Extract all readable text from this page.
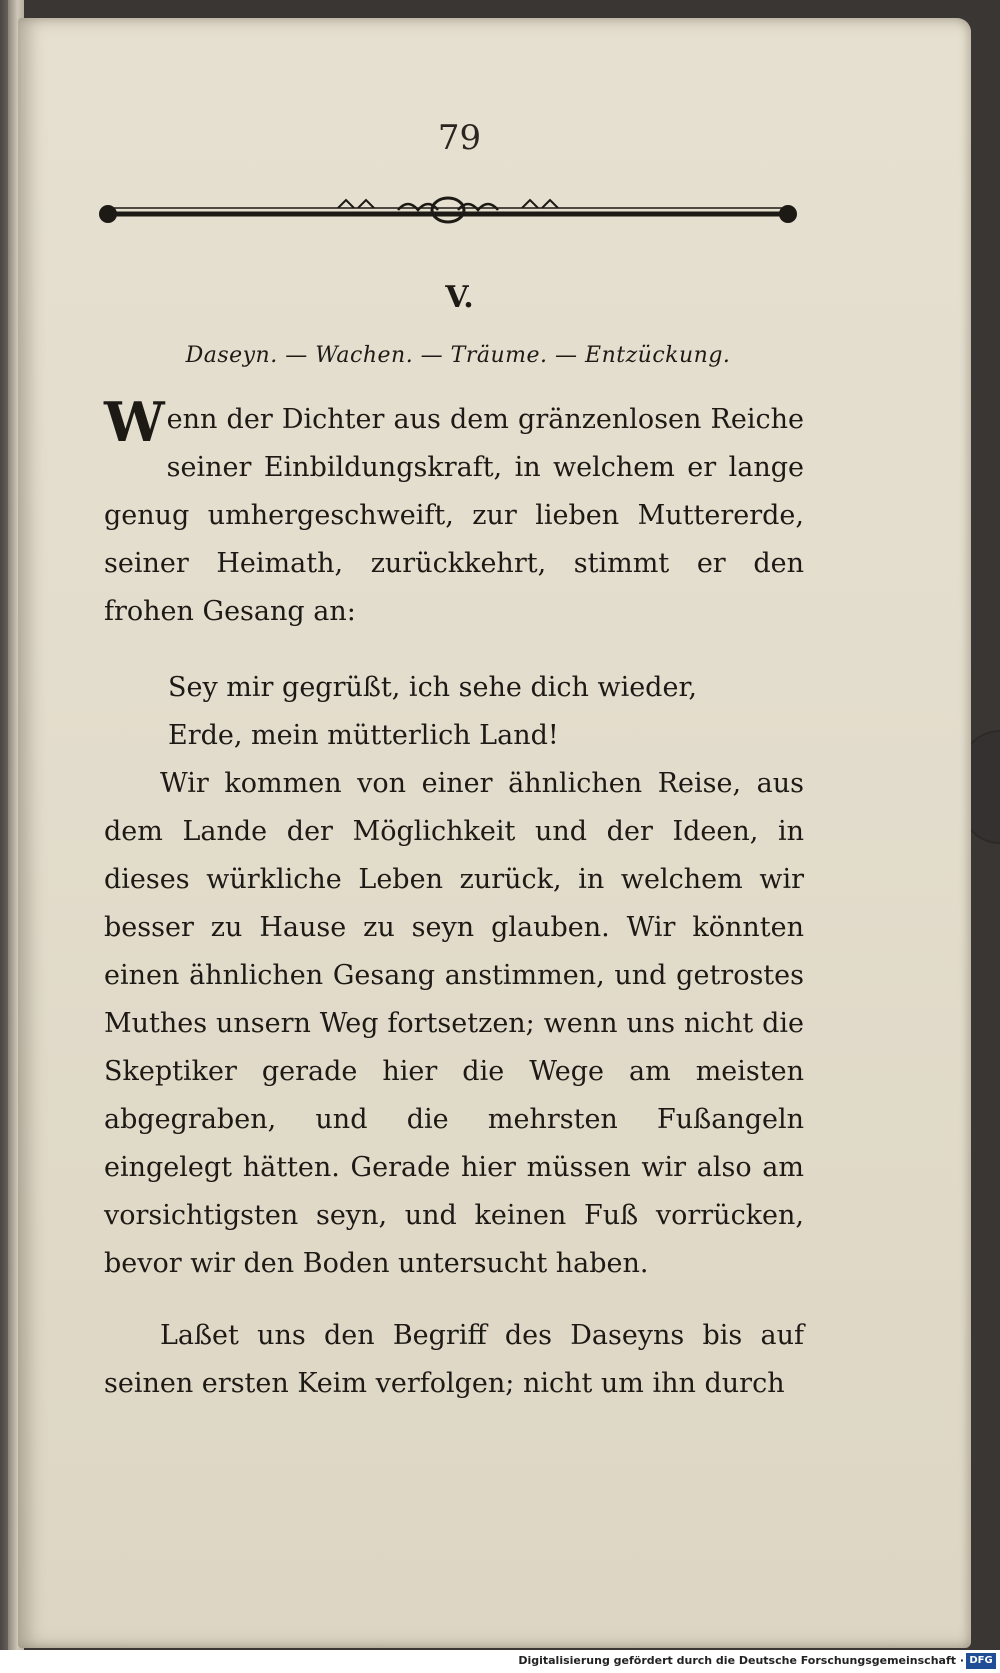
79
V.
Daseyn. — Wachen. — Träume. — Entzückung.
Wenn der Dichter aus dem gränzenlosen Reiche seiner Einbildungskraft, in welchem er lange genug umhergeschweift, zur lieben Muttererde, seiner Heimath, zurückkehrt, stimmt er den frohen Gesang an:
Sey mir gegrüßt, ich sehe dich wieder,
Erde, mein mütterlich Land!
Wir kommen von einer ähnlichen Reise, aus dem Lande der Möglichkeit und der Ideen, in dieses würkliche Leben zurück, in welchem wir besser zu Hause zu seyn glauben. Wir könnten einen ähnlichen Gesang anstimmen, und getrostes Muthes unsern Weg fortsetzen; wenn uns nicht die Skeptiker gerade hier die Wege am meisten abgegraben, und die mehrsten Fußangeln eingelegt hätten. Gerade hier müssen wir also am vorsichtigsten seyn, und keinen Fuß vorrücken, bevor wir den Boden untersucht haben.
Laßet uns den Begriff des Daseyns bis auf seinen ersten Keim verfolgen; nicht um ihn durch
Digitalisierung gefördert durch die Deutsche Forschungsgemeinschaft · DFG
